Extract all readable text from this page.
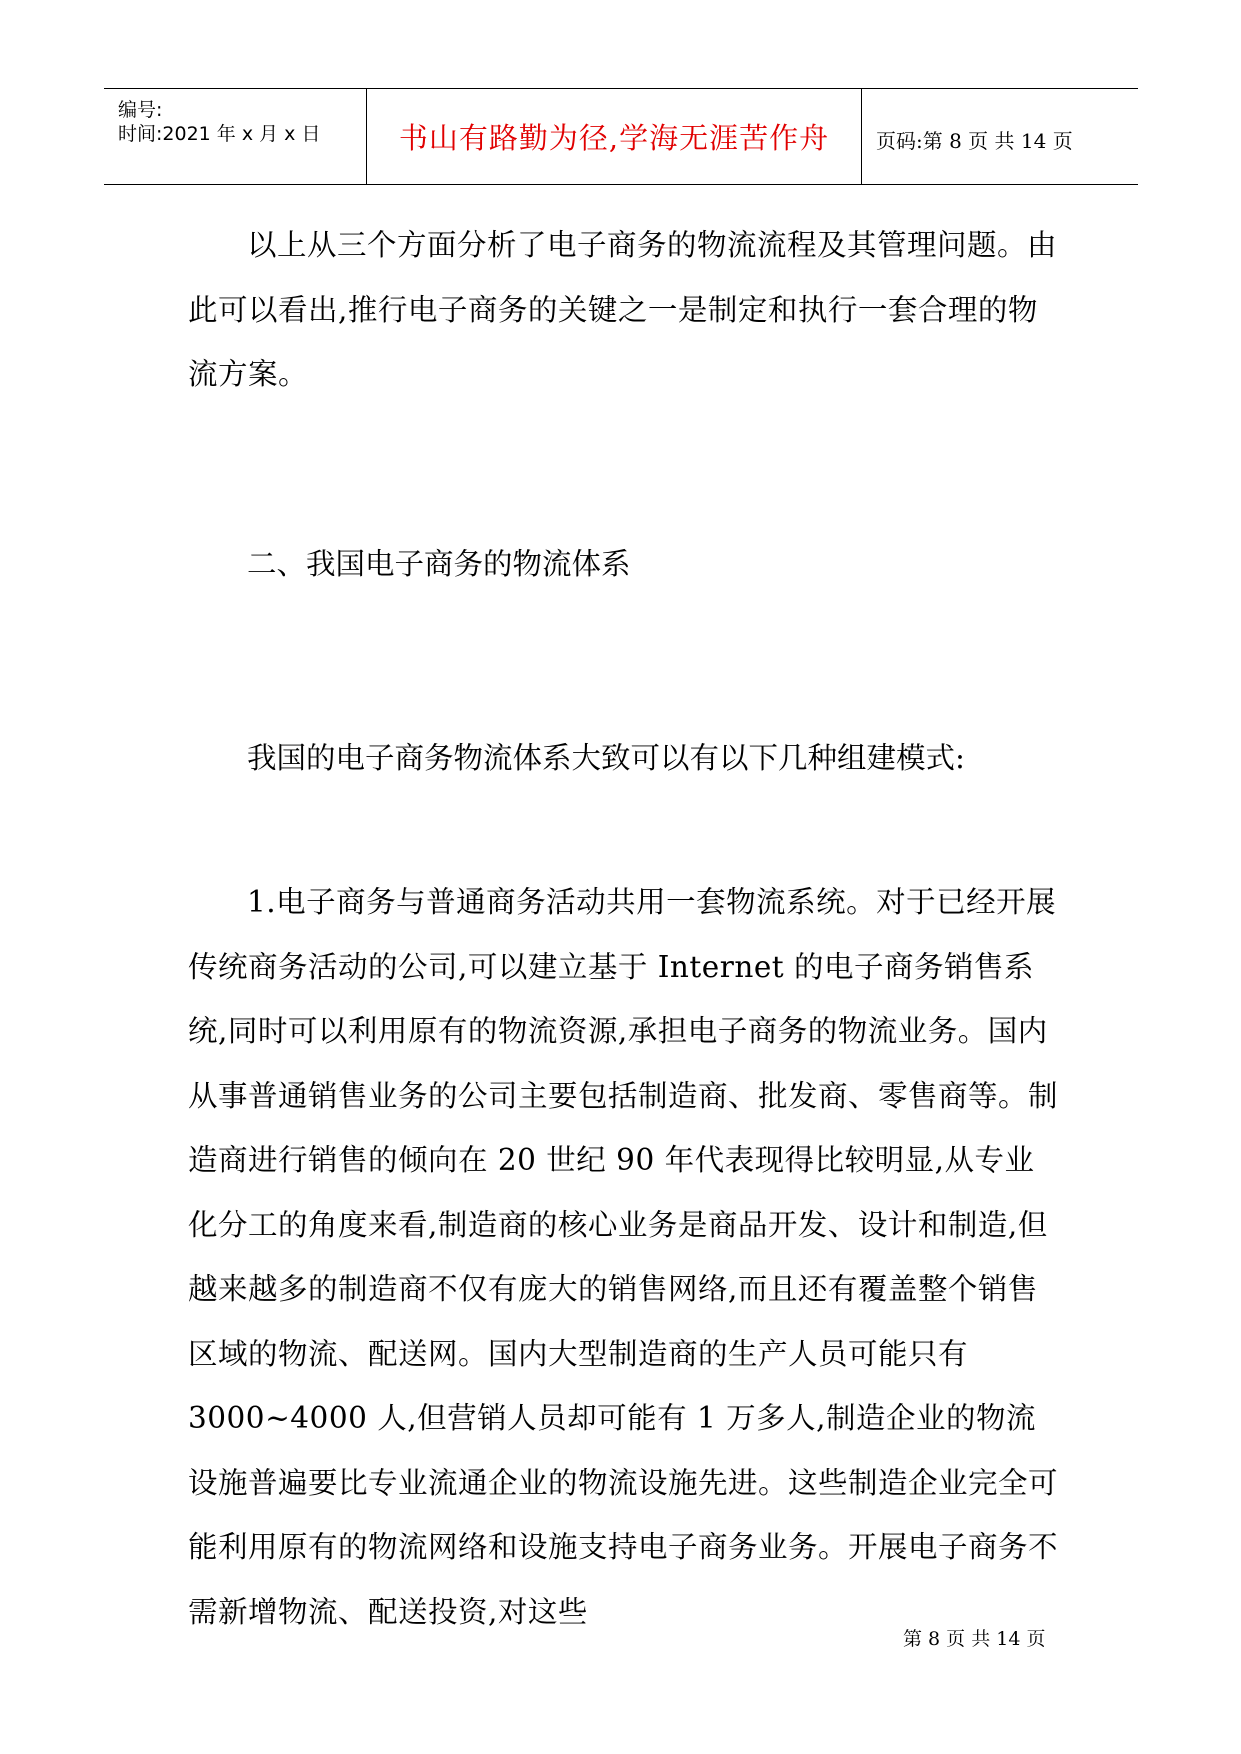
编号:
时间:2021 年 x 月 x 日	书山有路勤为径,学海无涯苦作舟	页码:第 8 页 共 14 页

以上从三个方面分析了电子商务的物流流程及其管理问题。由此可以看出,推行电子商务的关键之一是制定和执行一套合理的物流方案。

二、我国电子商务的物流体系
我国的电子商务物流体系大致可以有以下几种组建模式:

1.电子商务与普通商务活动共用一套物流系统。对于已经开展传统商务活动的公司,可以建立基于 Internet 的电子商务销售系统,同时可以利用原有的物流资源,承担电子商务的物流业务。国内从事普通销售业务的公司主要包括制造商、批发商、零售商等。制造商进行销售的倾向在 20 世纪 90 年代表现得比较明显,从专业化分工的角度来看,制造商的核心业务是商品开发、设计和制造,但越来越多的制造商不仅有庞大的销售网络,而且还有覆盖整个销售区域的物流、配送网。国内大型制造商的生产人员可能只有 3000~4000 人,但营销人员却可能有 1 万多人,制造企业的物流设施普遍要比专业流通企业的物流设施先进。这些制造企业完全可能利用原有的物流网络和设施支持电子商务业务。开展电子商务不需新增物流、配送投资,对这些

第 8 页 共 14 页
